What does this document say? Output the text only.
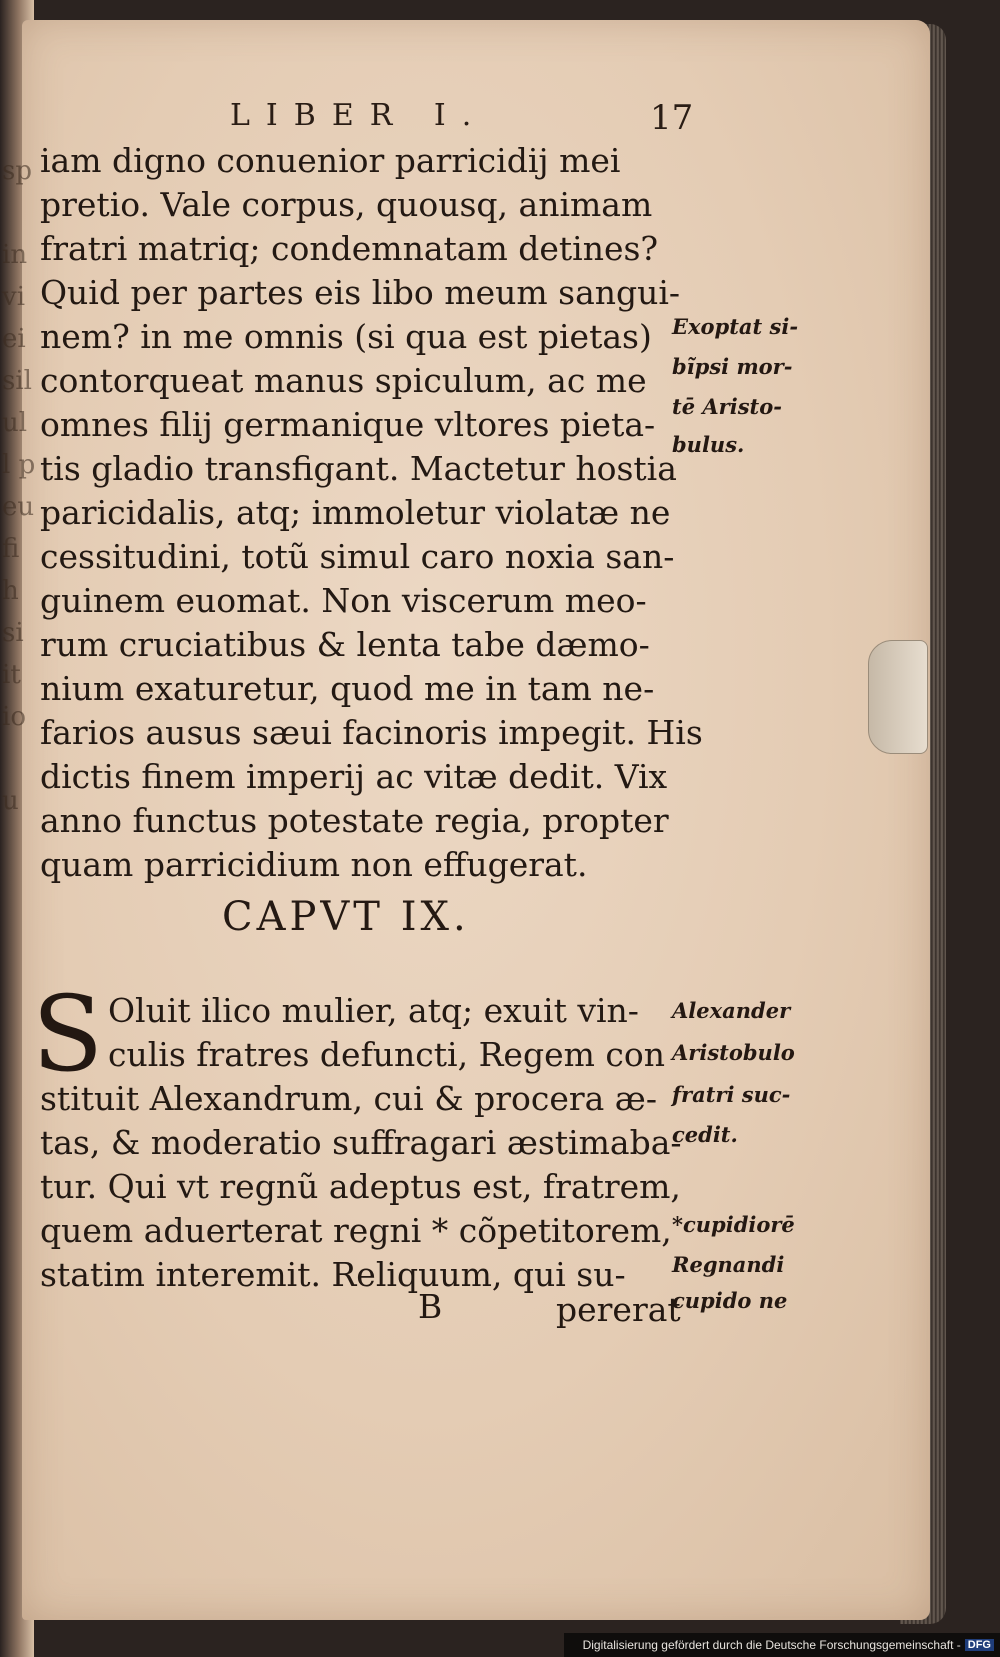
sp

in
vi
ei
sil
ul
l p
eu
fi
h
si
it
io

u
LIBER I.	17
iam digno conuenior parricidij mei
pretio. Vale corpus, quousq, animam
fratri matriq; condemnatam detines?
Quid per partes eis libo meum sangui-
nem? in me omnis (si qua est pietas)
contorqueat manus spiculum, ac me
omnes filij germanique vltores pieta-
tis gladio transfigant. Mactetur hostia
paricidalis, atq; immoletur violatæ ne
cessitudini, totũ simul caro noxia san-
guinem euomat. Non viscerum meo-
rum cruciatibus & lenta tabe dæmo-
nium exaturetur, quod me in tam ne-
farios ausus sæui facinoris impegit. His
dictis finem imperij ac vitæ dedit. Vix
anno functus potestate regia, propter
quam parricidium non effugerat.
Exoptat si-
bĩpsi mor-
tē Aristo-
bulus.
CAPVT IX.
S Oluit ilico mulier, atq; exuit vin-
culis fratres defuncti, Regem con
stituit Alexandrum, cui & procera æ-
tas, & moderatio suffragari æstimaba-
tur. Qui vt regnũ adeptus est, fratrem,
quem aduerterat regni * cõpetitorem,
statim interemit. Reliquum, qui su-
Alexander
Aristobulo
fratri suc-
cedit.
*cupidiorē
Regnandi
cupido ne
B	pererat
Digitalisierung gefördert durch die Deutsche Forschungsgemeinschaft - DFG
